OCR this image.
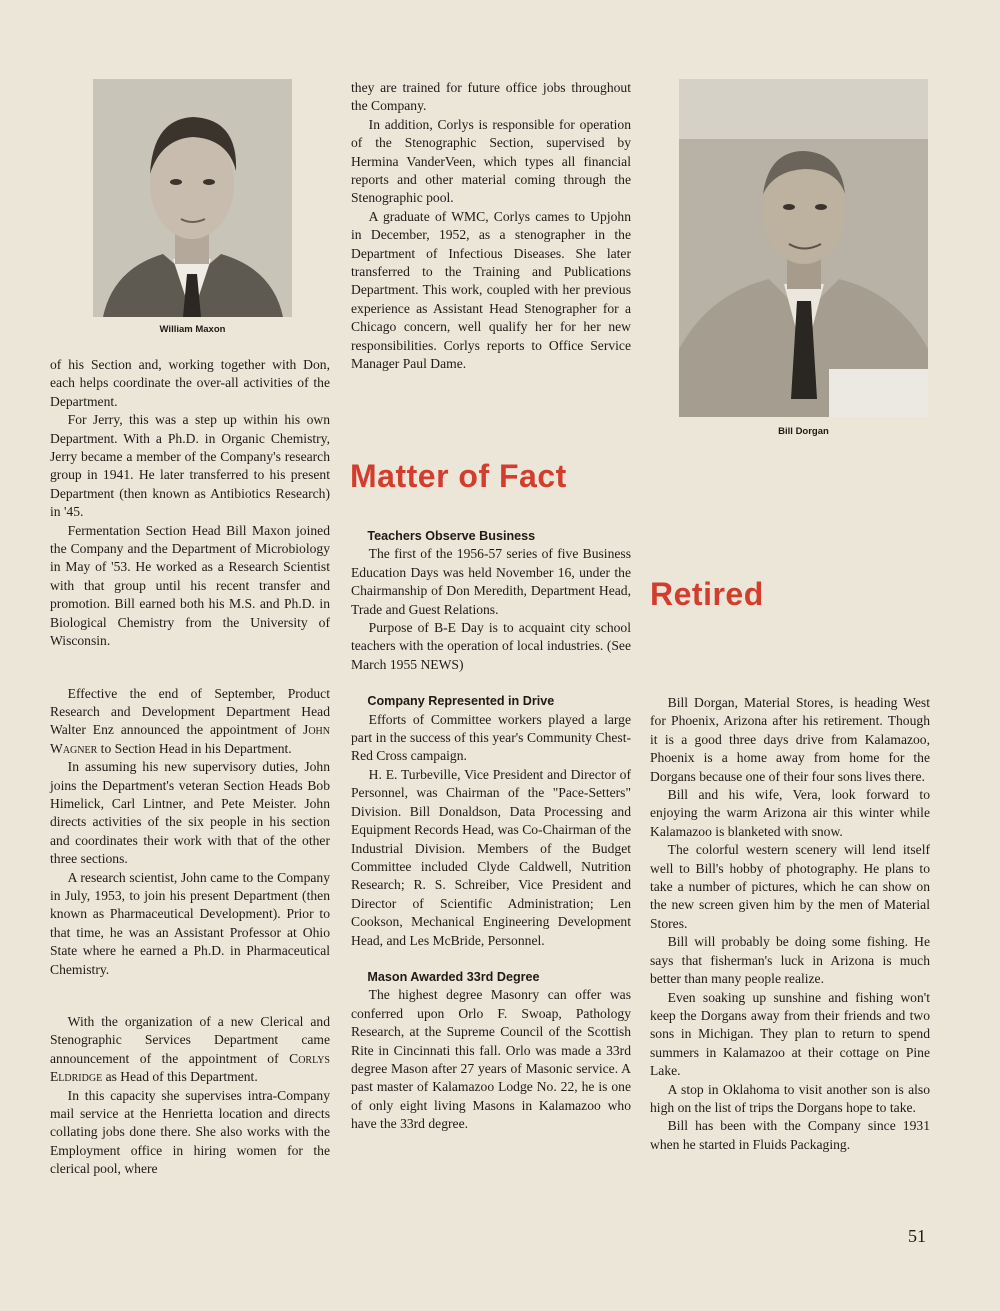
William Maxon
Bill Dorgan

of his Section and, working together with Don, each helps coordinate the over-all activities of the Department.

For Jerry, this was a step up within his own Department. With a Ph.D. in Organic Chemistry, Jerry became a member of the Company's research group in 1941. He later transferred to his present Department (then known as Antibiotics Research) in '45.

Fermentation Section Head Bill Maxon joined the Company and the Department of Microbiology in May of '53. He worked as a Research Scientist with that group until his recent transfer and promotion. Bill earned both his M.S. and Ph.D. in Biological Chemistry from the University of Wisconsin.

Effective the end of September, Product Research and Development Department Head Walter Enz announced the appointment of John Wagner to Section Head in his Department.

In assuming his new supervisory duties, John joins the Department's veteran Section Heads Bob Himelick, Carl Lintner, and Pete Meister. John directs activities of the six people in his section and coordinates their work with that of the other three sections.

A research scientist, John came to the Company in July, 1953, to join his present Department (then known as Pharmaceutical Development). Prior to that time, he was an Assistant Professor at Ohio State where he earned a Ph.D. in Pharmaceutical Chemistry.

With the organization of a new Clerical and Stenographic Services Department came announcement of the appointment of Corlys Eldridge as Head of this Department.

In this capacity she supervises intra-Company mail service at the Henrietta location and directs collating jobs done there. She also works with the Employment office in hiring women for the clerical pool, where

they are trained for future office jobs throughout the Company.

In addition, Corlys is responsible for operation of the Stenographic Section, supervised by Hermina VanderVeen, which types all financial reports and other material coming through the Stenographic pool.

A graduate of WMC, Corlys cames to Upjohn in December, 1952, as a stenographer in the Department of Infectious Diseases. She later transferred to the Training and Publications Department. This work, coupled with her previous experience as Assistant Head Stenographer for a Chicago concern, well qualify her for her new responsibilities. Corlys reports to Office Service Manager Paul Dame.

Matter of Fact

Teachers Observe Business

The first of the 1956-57 series of five Business Education Days was held November 16, under the Chairmanship of Don Meredith, Department Head, Trade and Guest Relations.

Purpose of B-E Day is to acquaint city school teachers with the operation of local industries. (See March 1955 NEWS)

Company Represented in Drive

Efforts of Committee workers played a large part in the success of this year's Community Chest-Red Cross campaign.

H. E. Turbeville, Vice President and Director of Personnel, was Chairman of the "Pace-Setters" Division. Bill Donaldson, Data Processing and Equipment Records Head, was Co-Chairman of the Industrial Division. Members of the Budget Committee included Clyde Caldwell, Nutrition Research; R. S. Schreiber, Vice President and Director of Scientific Administration; Len Cookson, Mechanical Engineering Development Head, and Les McBride, Personnel.

Mason Awarded 33rd Degree

The highest degree Masonry can offer was conferred upon Orlo F. Swoap, Pathology Research, at the Supreme Council of the Scottish Rite in Cincinnati this fall. Orlo was made a 33rd degree Mason after 27 years of Masonic service. A past master of Kalamazoo Lodge No. 22, he is one of only eight living Masons in Kalamazoo who have the 33rd degree.

Retired

Bill Dorgan, Material Stores, is heading West for Phoenix, Arizona after his retirement. Though it is a good three days drive from Kalamazoo, Phoenix is a home away from home for the Dorgans because one of their four sons lives there.

Bill and his wife, Vera, look forward to enjoying the warm Arizona air this winter while Kalamazoo is blanketed with snow.

The colorful western scenery will lend itself well to Bill's hobby of photography. He plans to take a number of pictures, which he can show on the new screen given him by the men of Material Stores.

Bill will probably be doing some fishing. He says that fisherman's luck in Arizona is much better than many people realize.

Even soaking up sunshine and fishing won't keep the Dorgans away from their friends and two sons in Michigan. They plan to return to spend summers in Kalamazoo at their cottage on Pine Lake.

A stop in Oklahoma to visit another son is also high on the list of trips the Dorgans hope to take.

Bill has been with the Company since 1931 when he started in Fluids Packaging.

51
